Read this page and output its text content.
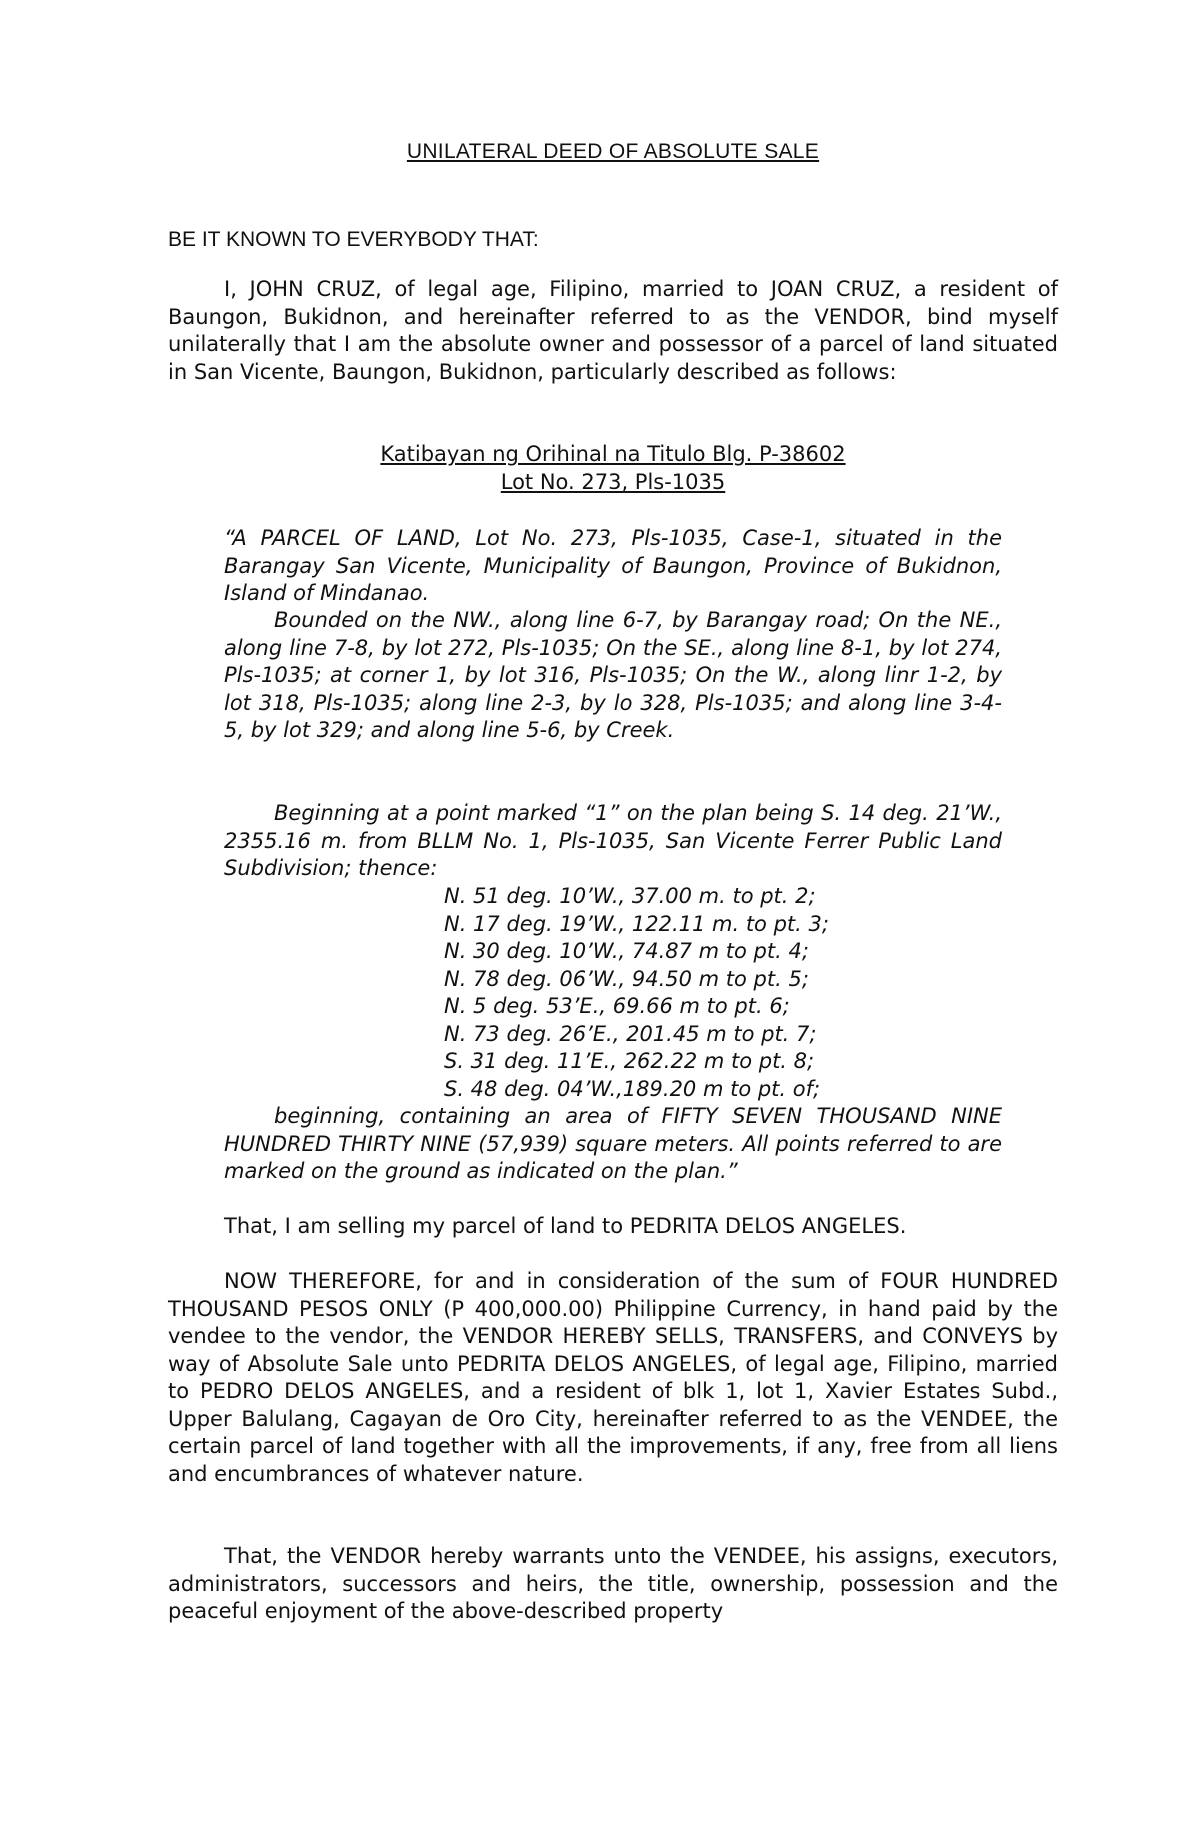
UNILATERAL DEED OF ABSOLUTE SALE

BE IT KNOWN TO EVERYBODY THAT:

I, JOHN CRUZ, of legal age, Filipino, married to JOAN CRUZ, a resident of Baungon, Bukidnon, and hereinafter referred to as the VENDOR, bind myself unilaterally that I am the absolute owner and possessor of a parcel of land situated in San Vicente, Baungon, Bukidnon, particularly described as follows:

Katibayan ng Orihinal na Titulo Blg. P-38602

Lot No. 273, Pls-1035

“A PARCEL OF LAND, Lot No. 273, Pls-1035, Case-1, situated in the Barangay San Vicente, Municipality of Baungon, Province of Bukidnon, Island of Mindanao.

Bounded on the NW., along line 6-7, by Barangay road; On the NE., along line 7-8, by lot 272, Pls-1035; On the SE., along line 8-1, by lot 274, Pls-1035; at corner 1, by lot 316, Pls-1035; On the W., along linr 1-2, by lot 318, Pls-1035; along line 2-3, by lo 328, Pls-1035; and along line 3-4-5, by lot 329; and along line 5-6, by Creek.

Beginning at a point marked “1” on the plan being S. 14 deg. 21’W., 2355.16 m. from BLLM No. 1, Pls-1035, San Vicente Ferrer Public Land Subdivision; thence:

N. 51 deg. 10’W., 37.00 m. to pt. 2;
N. 17 deg. 19’W., 122.11 m. to pt. 3;
N. 30 deg. 10’W., 74.87 m to pt. 4;
N. 78 deg. 06’W., 94.50 m to pt. 5;
N. 5 deg. 53’E., 69.66 m to pt. 6;
N. 73 deg. 26’E., 201.45 m to pt. 7;
S. 31 deg. 11’E., 262.22 m to pt. 8;
S. 48 deg. 04’W.,189.20 m to pt. of;

beginning, containing an area of FIFTY SEVEN THOUSAND NINE HUNDRED THIRTY NINE (57,939) square meters. All points referred to are marked on the ground as indicated on the plan.”

That, I am selling my parcel of land to PEDRITA DELOS ANGELES.

NOW THEREFORE, for and in consideration of the sum of FOUR HUNDRED THOUSAND PESOS ONLY (P 400,000.00) Philippine Currency, in hand paid by the vendee to the vendor, the VENDOR HEREBY SELLS, TRANSFERS, and CONVEYS by way of Absolute Sale unto PEDRITA DELOS ANGELES, of legal age, Filipino, married to PEDRO DELOS ANGELES, and a resident of blk 1, lot 1, Xavier Estates Subd., Upper Balulang, Cagayan de Oro City, hereinafter referred to as the VENDEE, the certain parcel of land together with all the improvements, if any, free from all liens and encumbrances of whatever nature.

That, the VENDOR hereby warrants unto the VENDEE, his assigns, executors, administrators, successors and heirs, the title, ownership, possession and the peaceful enjoyment of the above-described property
